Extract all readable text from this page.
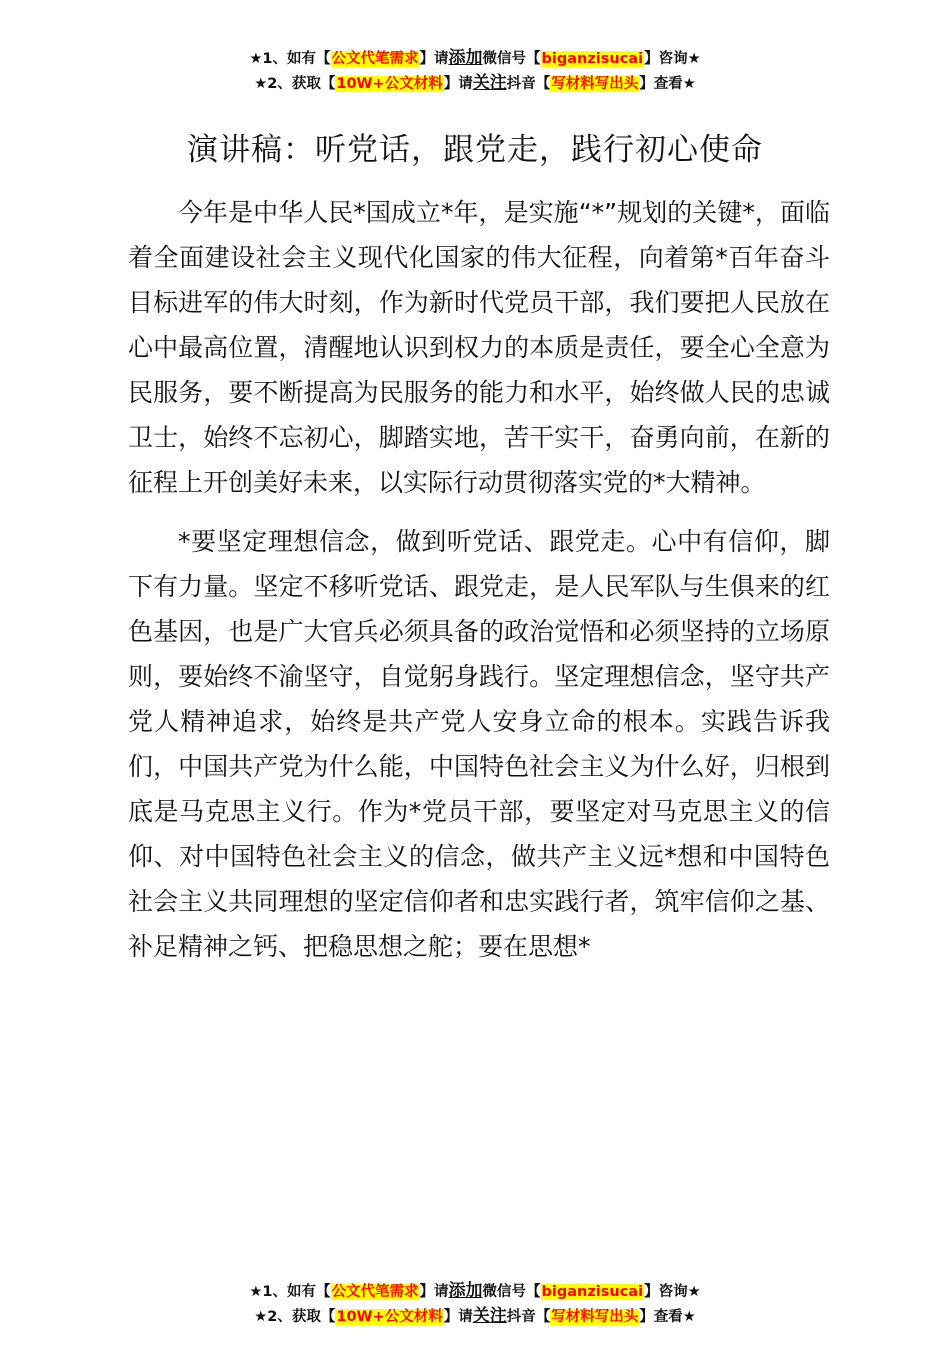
★1、如有【公文代笔需求】请添加微信号【biganzisucai】咨询★
★2、获取【10W+公文材料】请关注抖音【写材料写出头】查看★
演讲稿：听党话，跟党走，践行初心使命

今年是中华人民*国成立*年，是实施“*”规划的关键*，面临着全面建设社会主义现代化国家的伟大征程，向着第*百年奋斗目标进军的伟大时刻，作为新时代党员干部，我们要把人民放在心中最高位置，清醒地认识到权力的本质是责任，要全心全意为民服务，要不断提高为民服务的能力和水平，始终做人民的忠诚卫士，始终不忘初心，脚踏实地，苦干实干，奋勇向前，在新的征程上开创美好未来，以实际行动贯彻落实党的*大精神。

*要坚定理想信念，做到听党话、跟党走。心中有信仰，脚下有力量。坚定不移听党话、跟党走，是人民军队与生俱来的红色基因，也是广大官兵必须具备的政治觉悟和必须坚持的立场原则，要始终不渝坚守，自觉躬身践行。坚定理想信念，坚守共产党人精神追求，始终是共产党人安身立命的根本。实践告诉我们，中国共产党为什么能，中国特色社会主义为什么好，归根到底是马克思主义行。作为*党员干部，要坚定对马克思主义的信仰、对中国特色社会主义的信念，做共产主义远*想和中国特色社会主义共同理想的坚定信仰者和忠实践行者，筑牢信仰之基、补足精神之钙、把稳思想之舵；要在思想*

★1、如有【公文代笔需求】请添加微信号【biganzisucai】咨询★
★2、获取【10W+公文材料】请关注抖音【写材料写出头】查看★
